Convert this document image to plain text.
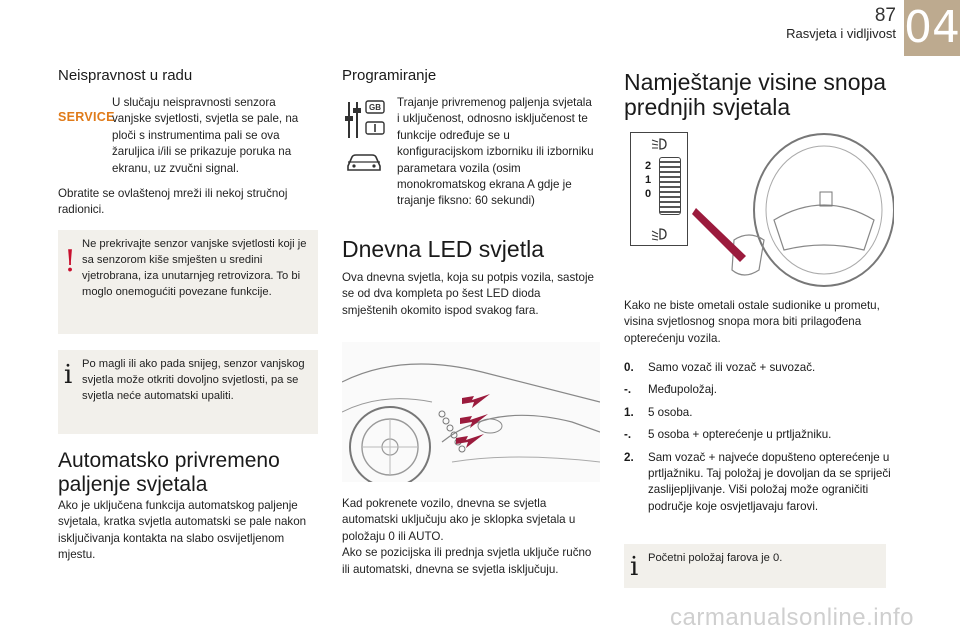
87
Rasvjeta i vidljivost 04
Neispravnost u radu
SERVICE
U slučaju neispravnosti senzora vanjske svjetlosti, svjetla se pale, na ploči s instrumentima pali se ova žaruljica i/ili se prikazuje poruka na ekranu, uz zvučni signal.
Obratite se ovlaštenoj mreži ili nekoj stručnoj radionici.
! Ne prekrivajte senzor vanjske svjetlosti koji je sa senzorom kiše smješten u sredini vjetrobrana, iza unutarnjeg retrovizora. To bi moglo onemogućiti povezane funkcije.
i Po magli ili ako pada snijeg, senzor vanjskog svjetla može otkriti dovoljno svjetlosti, pa se svjetla neće automatski upaliti.
Automatsko privremeno
paljenje svjetala
Ako je uključena funkcija automatskog paljenje svjetala, kratka svjetla automatski se pale nakon isključivanja kontakta na slabo osvijetljenom mjestu.
Programiranje
GB Trajanje privremenog paljenja svjetala i uključenost, odnosno isključenost te funkcije određuje se u konfiguracijskom izborniku ili izborniku parametara vozila (osim monokromatskog ekrana A gdje je trajanje fiksno: 60 sekundi)
Dnevna LED svjetla
Ova dnevna svjetla, koja su potpis vozila, sastoje se od dva kompleta po šest LED dioda smještenih okomito ispod svakog fara.
Kad pokrenete vozilo, dnevna se svjetla automatski uključuju ako je sklopka svjetala u položaju 0 ili AUTO.
Ako se pozicijska ili prednja svjetla uključe ručno ili automatski, dnevna se svjetla isključuju.
Namještanje visine snopa
prednjih svjetala
2
1
0
Kako ne biste ometali ostale sudionike u prometu, visina svjetlosnog snopa mora biti prilagođena opterećenju vozila.
0.	Samo vozač ili vozač + suvozač.
-.	Međupoložaj.
1.	5 osoba.
-.	5 osoba + opterećenje u prtljažniku.
2.	Sam vozač + najveće dopušteno opterećenje u prtljažniku. Taj položaj je dovoljan da se spriječi zaslijepljivanje. Viši položaj može ograničiti područje koje osvjetljavaju farovi.
i Početni položaj farova je 0.
carmanualsonline.info
